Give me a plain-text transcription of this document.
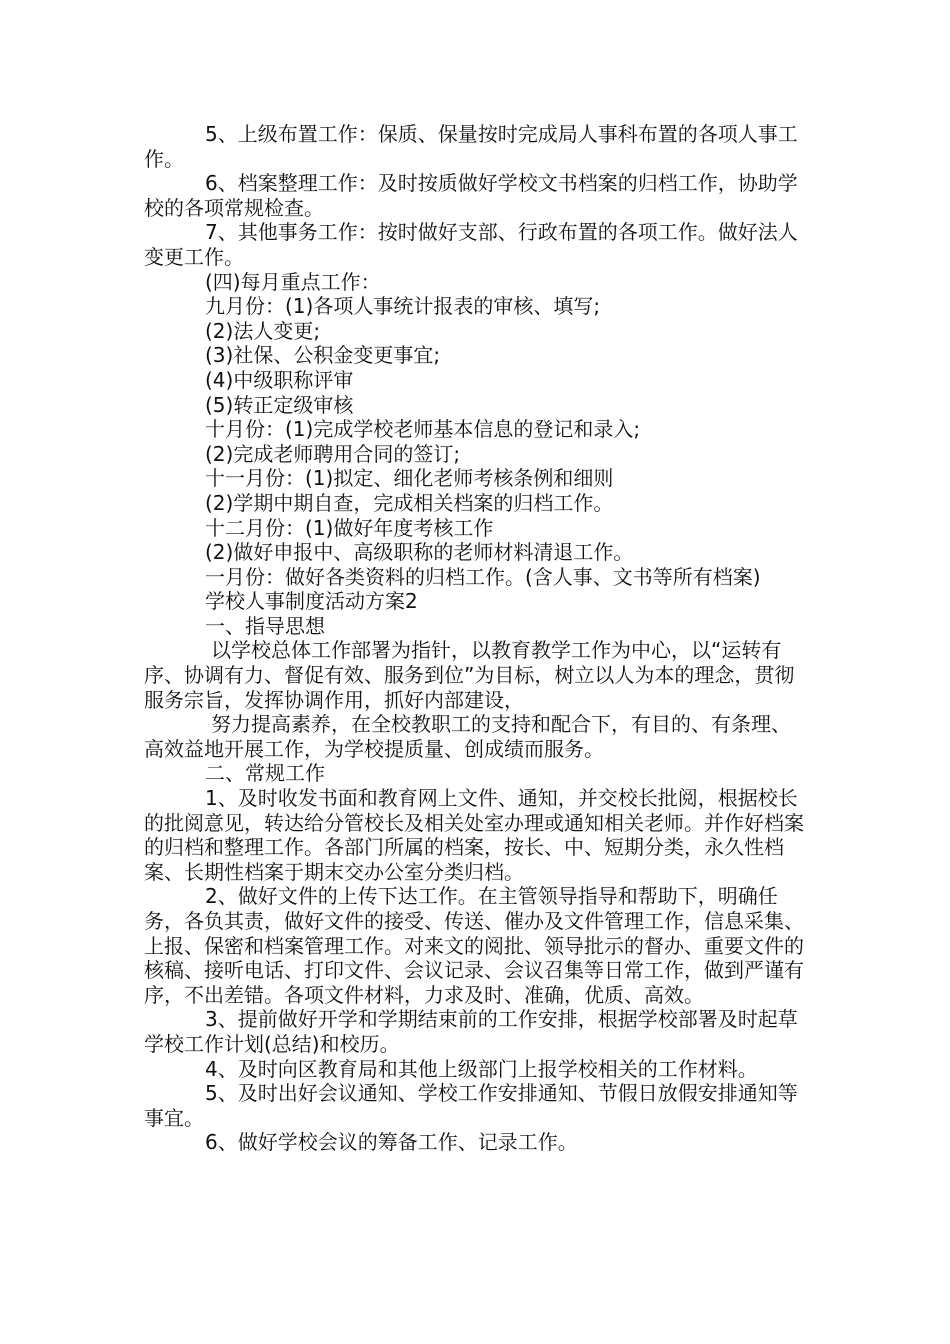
5、上级布置工作：保质、保量按时完成局人事科布置的各项人事工作。

6、档案整理工作：及时按质做好学校文书档案的归档工作，协助学校的各项常规检查。

7、其他事务工作：按时做好支部、行政布置的各项工作。做好法人变更工作。

(四)每月重点工作：

九月份：(1)各项人事统计报表的审核、填写;

(2)法人变更;

(3)社保、公积金变更事宜;

(4)中级职称评审

(5)转正定级审核

十月份：(1)完成学校老师基本信息的登记和录入;

(2)完成老师聘用合同的签订;

十一月份：(1)拟定、细化老师考核条例和细则

(2)学期中期自查，完成相关档案的归档工作。

十二月份：(1)做好年度考核工作

(2)做好申报中、高级职称的老师材料清退工作。

一月份：做好各类资料的归档工作。(含人事、文书等所有档案)

学校人事制度活动方案2

一、指导思想

以学校总体工作部署为指针，以教育教学工作为中心，以“运转有序、协调有力、督促有效、服务到位”为目标，树立以人为本的理念，贯彻服务宗旨，发挥协调作用，抓好内部建设，

努力提高素养，在全校教职工的支持和配合下，有目的、有条理、高效益地开展工作，为学校提质量、创成绩而服务。

二、常规工作

1、及时收发书面和教育网上文件、通知，并交校长批阅，根据校长的批阅意见，转达给分管校长及相关处室办理或通知相关老师。并作好档案的归档和整理工作。各部门所属的档案，按长、中、短期分类，永久性档案、长期性档案于期末交办公室分类归档。

2、做好文件的上传下达工作。在主管领导指导和帮助下，明确任务，各负其责，做好文件的接受、传送、催办及文件管理工作，信息采集、上报、保密和档案管理工作。对来文的阅批、领导批示的督办、重要文件的核稿、接听电话、打印文件、会议记录、会议召集等日常工作，做到严谨有序，不出差错。各项文件材料，力求及时、准确，优质、高效。

3、提前做好开学和学期结束前的工作安排，根据学校部署及时起草学校工作计划(总结)和校历。

4、及时向区教育局和其他上级部门上报学校相关的工作材料。

5、及时出好会议通知、学校工作安排通知、节假日放假安排通知等事宜。

6、做好学校会议的筹备工作、记录工作。
